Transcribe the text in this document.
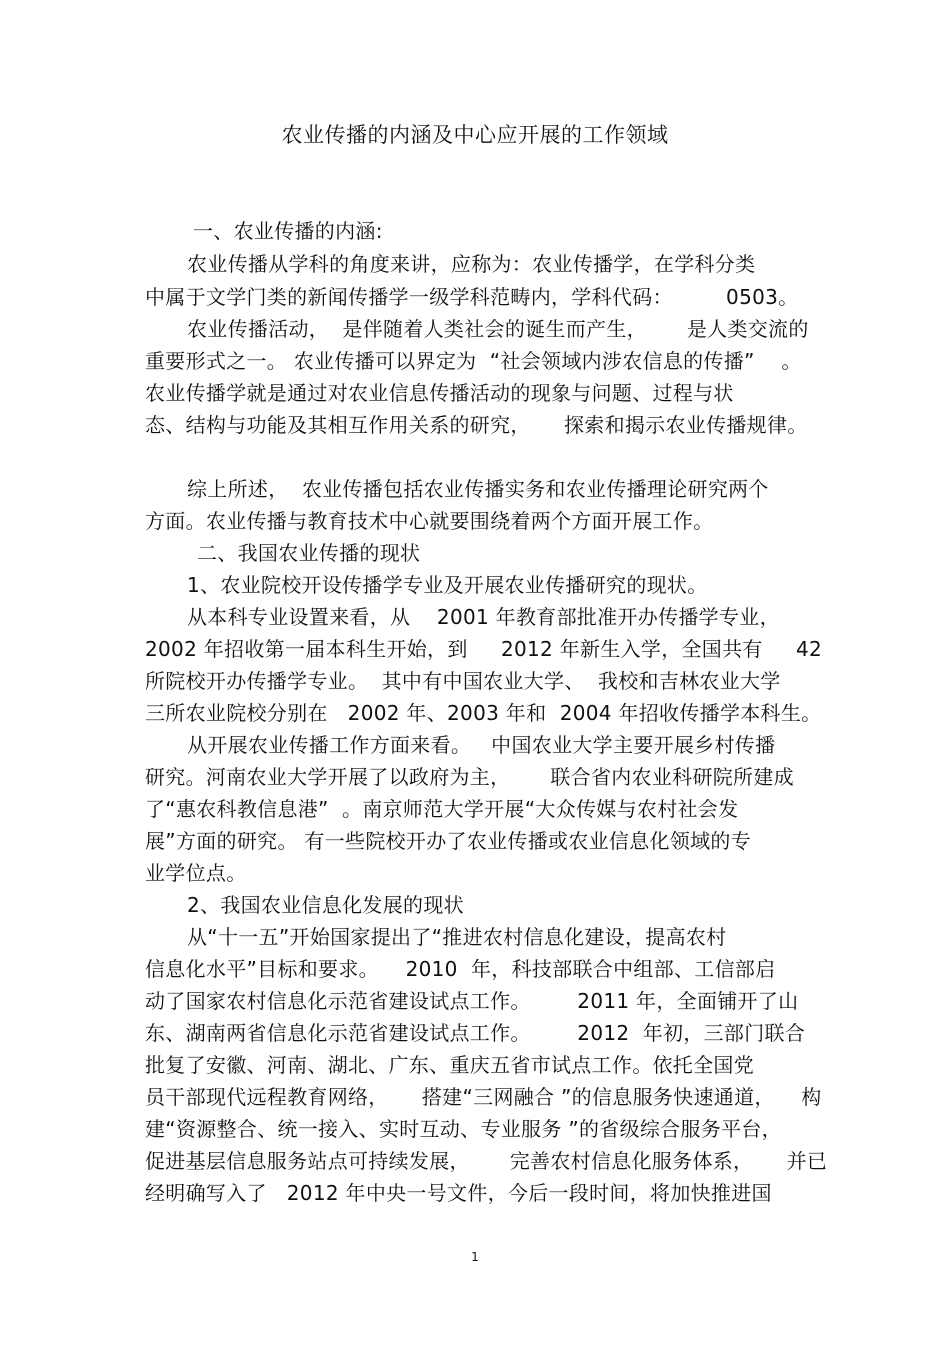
农业传播的内涵及中心应开展的工作领域
一、农业传播的内涵:
农业传播从学科的角度来讲，应称为：农业传播学，在学科分类
中属于文学门类的新闻传播学一级学科范畴内，学科代码：        0503。
农业传播活动，  是伴随着人类社会的诞生而产生，      是人类交流的
重要形式之一。 农业传播可以界定为  “社会领域内涉农信息的传播”    。
农业传播学就是通过对农业信息传播活动的现象与问题、过程与状
态、结构与功能及其相互作用关系的研究，     探索和揭示农业传播规律。
综上所述，  农业传播包括农业传播实务和农业传播理论研究两个
方面。农业传播与教育技术中心就要围绕着两个方面开展工作。
二、我国农业传播的现状
1、农业院校开设传播学专业及开展农业传播研究的现状。
从本科专业设置来看，从    2001 年教育部批准开办传播学专业，
2002 年招收第一届本科生开始，到     2012 年新生入学，全国共有     42
所院校开办传播学专业。  其中有中国农业大学、  我校和吉林农业大学
三所农业院校分别在   2002 年、2003 年和  2004 年招收传播学本科生。
从开展农业传播工作方面来看。   中国农业大学主要开展乡村传播
研究。河南农业大学开展了以政府为主，      联合省内农业科研院所建成
了“惠农科教信息港”  。南京师范大学开展“大众传媒与农村社会发
展”方面的研究。 有一些院校开办了农业传播或农业信息化领域的专
业学位点。
2、我国农业信息化发展的现状
从“十一五”开始国家提出了“推进农村信息化建设，提高农村
信息化水平”目标和要求。    2010  年，科技部联合中组部、工信部启
动了国家农村信息化示范省建设试点工作。       2011 年，全面铺开了山
东、湖南两省信息化示范省建设试点工作。       2012  年初，三部门联合
批复了安徽、河南、湖北、广东、重庆五省市试点工作。依托全国党
员干部现代远程教育网络，     搭建“三网融合 ”的信息服务快速通道，    构
建“资源整合、统一接入、实时互动、专业服务 ”的省级综合服务平台，
促进基层信息服务站点可持续发展，      完善农村信息化服务体系，     并已
经明确写入了   2012 年中央一号文件，今后一段时间，将加快推进国
1
